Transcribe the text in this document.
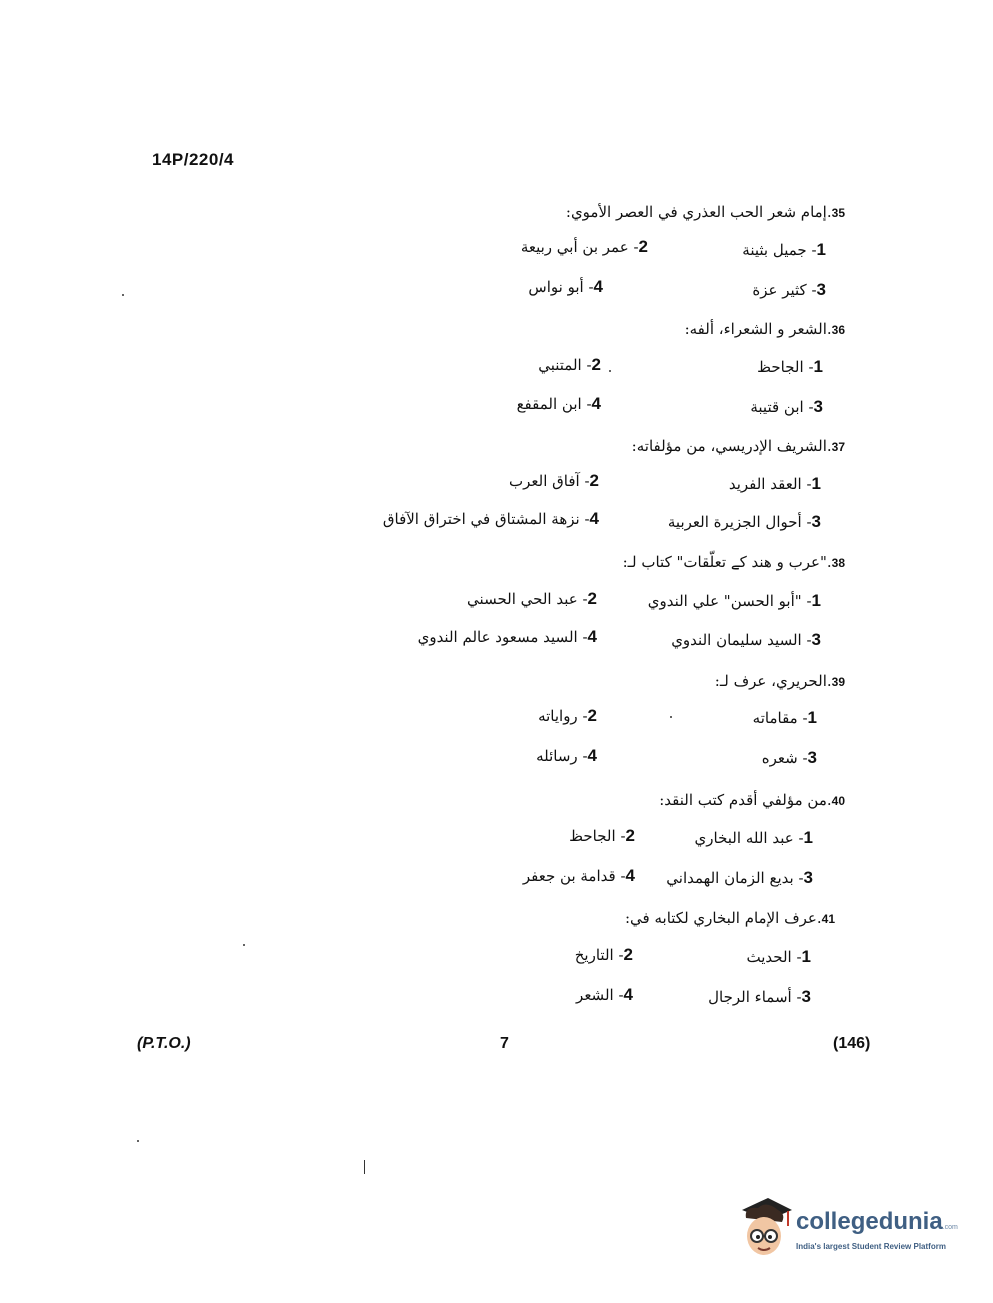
14P/220/4
35.إمام شعر الحب العذري في العصر الأموي:
1- جميل بثينة
2- عمر بن أبي ربيعة
3- كثير عزة
4- أبو نواس
36.الشعر و الشعراء، ألفه:
1- الجاحظ
2- المتنبي
3- ابن قتيبة
4- ابن المقفع
37.الشريف الإدريسي، من مؤلفاته:
1- العقد الفريد
2- آفاق العرب
3- أحوال الجزيرة العربية
4- نزهة المشتاق في اختراق الآفاق
38."عرب و هند كے تعلّقات" كتاب لـ:
1- "أبو الحسن" علي الندوي
2- عبد الحي الحسني
3- السيد سليمان الندوي
4- السيد مسعود عالم الندوي
39.الحريري، عرف لـ:
1- مقاماته
2- رواياته
3- شعره
4- رسائله
40.من مؤلفي أقدم كتب النقد:
1- عبد الله البخاري
2- الجاحظ
3- بديع الزمان الهمداني
4- قدامة بن جعفر
41.عرف الإمام البخاري لكتابه في:
1- الحديث
2- التاريخ
3- أسماء الرجال
4- الشعر
(P.T.O.)	7	(146)
collegedunia.com
India's largest Student Review Platform
